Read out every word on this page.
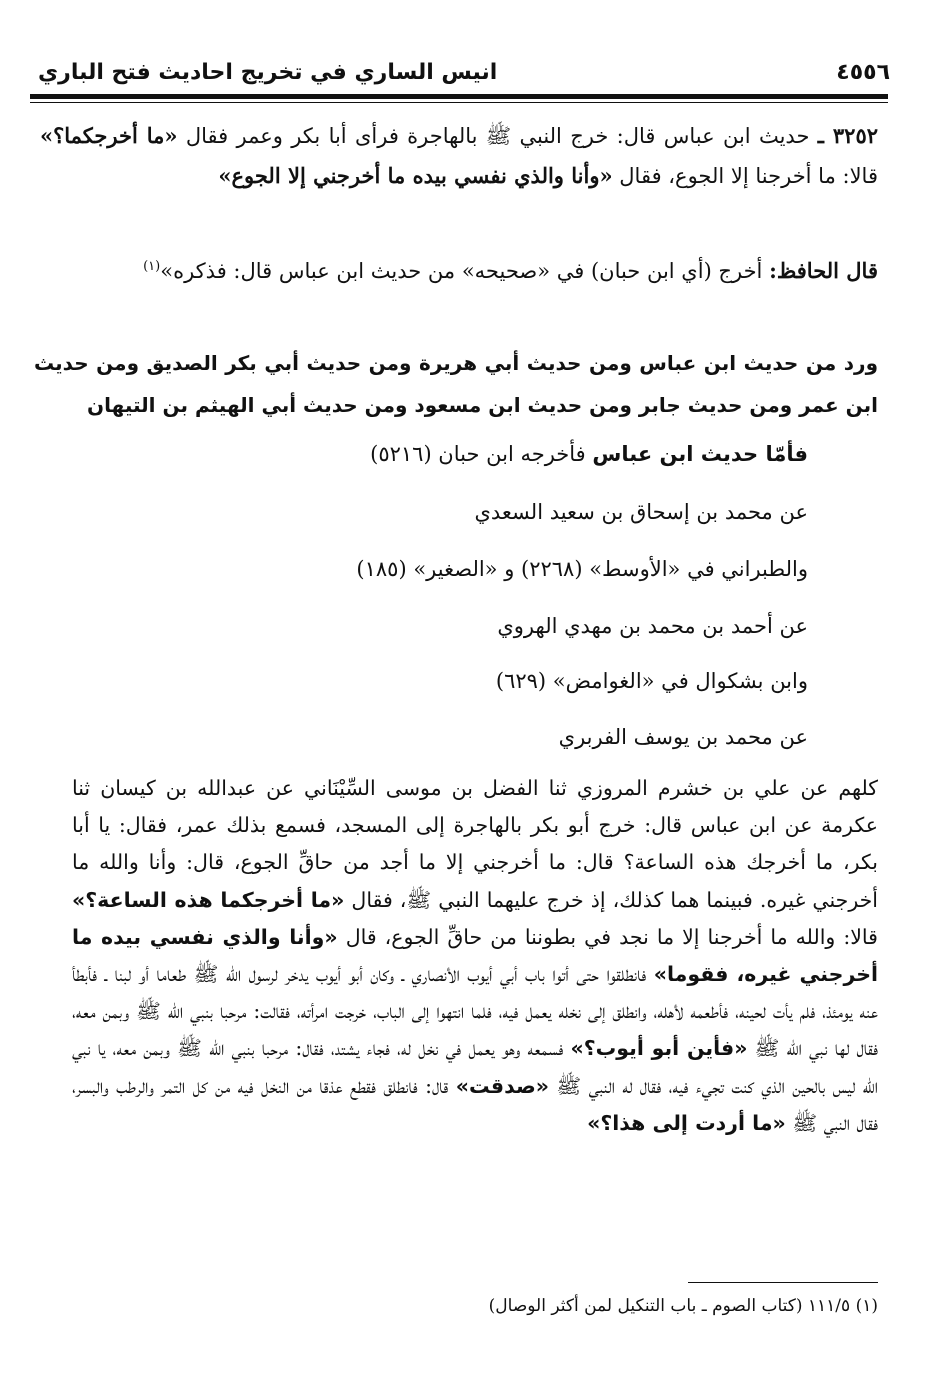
٤٥٥٦
انيس الساري في تخريج احاديث فتح الباري
٣٢٥٢ ـ حديث ابن عباس قال: خرج النبي ﷺ بالهاجرة فرأى أبا بكر وعمر فقال «ما أخرجكما؟» قالا: ما أخرجنا إلا الجوع، فقال «وأنا والذي نفسي بيده ما أخرجني إلا الجوع»
قال الحافظ: أخرج (أي ابن حبان) في «صحيحه» من حديث ابن عباس قال: فذكره»$^{(١)}$
ورد من حديث ابن عباس ومن حديث أبي هريرة ومن حديث أبي بكر الصديق ومن حديث ابن عمر ومن حديث جابر ومن حديث ابن مسعود ومن حديث أبي الهيثم بن التيهان
فأمّا حديث ابن عباس فأخرجه ابن حبان (٥٢١٦)
عن محمد بن إسحاق بن سعيد السعدي
والطبراني في «الأوسط» (٢٢٦٨) و «الصغير» (١٨٥)
عن أحمد بن محمد بن مهدي الهروي
وابن بشكوال في «الغوامض» (٦٢٩)
عن محمد بن يوسف الفربري
كلهم عن علي بن خشرم المروزي ثنا الفضل بن موسى السِّيْنَاني عن عبدالله بن كيسان ثنا عكرمة عن ابن عباس قال: خرج أبو بكر بالهاجرة إلى المسجد، فسمع بذلك عمر، فقال: يا أبا بكر، ما أخرجك هذه الساعة؟ قال: ما أخرجني إلا ما أجد من حاقِّ الجوع، قال: وأنا والله ما أخرجني غيره. فبينما هما كذلك، إذ خرج عليهما النبي ﷺ، فقال «ما أخرجكما هذه الساعة؟» قالا: والله ما أخرجنا إلا ما نجد في بطوننا من حاقِّ الجوع، قال «وأنا والذي نفسي بيده ما أخرجني غيره، فقوما» فانطلقوا حتى أتوا باب أبي أيوب الأنصاري ـ وكان أبو أيوب يدخر لرسول الله ﷺ طعاما أو لبنا ـ فأبطأ عنه يومئذ، فلم يأت لحينه، فأطعمه لأهله، وانطلق إلى نخله يعمل فيه، فلما انتهوا إلى الباب، خرجت امرأته، فقالت: مرحبا بنبي الله ﷺ وبمن معه، فقال لها نبي الله ﷺ «فأين أبو أيوب؟» فسمعه وهو يعمل في نخل له، فجاء يشتد، فقال: مرحبا بنبي الله ﷺ وبمن معه، يا نبي الله ليس بالحين الذي كنت تجيء فيه، فقال له النبي ﷺ «صدقت» قال: فانطلق فقطع عذقا من النخل فيه من كل التمر والرطب والبسر، فقال النبي ﷺ «ما أردت إلى هذا؟»
(١) ١١١/٥ (كتاب الصوم ـ باب التنكيل لمن أكثر الوصال)
